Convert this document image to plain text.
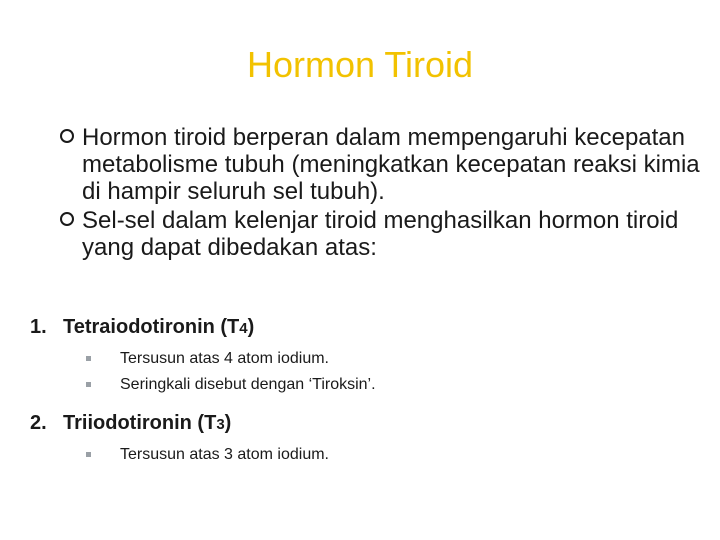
Hormon Tiroid
Hormon tiroid berperan dalam mempengaruhi kecepatan metabolisme tubuh (meningkatkan kecepatan reaksi kimia di hampir seluruh sel tubuh).
Sel-sel dalam kelenjar tiroid menghasilkan hormon tiroid yang dapat dibedakan atas:
1. Tetraiodotironin (T4)
Tersusun atas 4 atom iodium.
Seringkali disebut dengan ‘Tiroksin’.
2. Triiodotironin (T3)
Tersusun atas 3 atom iodium.
